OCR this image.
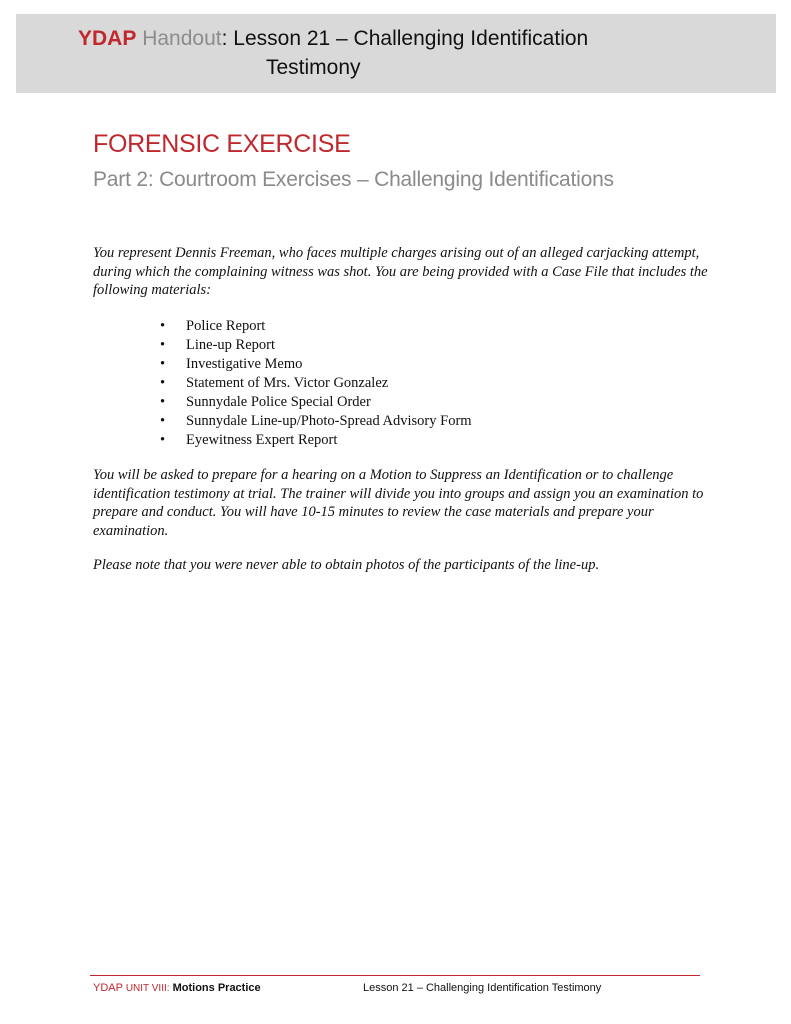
YDAP Handout: Lesson 21 – Challenging Identification
Testimony
FORENSIC EXERCISE
Part 2: Courtroom Exercises – Challenging Identifications

You represent Dennis Freeman, who faces multiple charges arising out of an alleged carjacking attempt, during which the complaining witness was shot. You are being provided with a Case File that includes the following materials:

• Police Report
• Line-up Report
• Investigative Memo
• Statement of Mrs. Victor Gonzalez
• Sunnydale Police Special Order
• Sunnydale Line-up/Photo-Spread Advisory Form
• Eyewitness Expert Report

You will be asked to prepare for a hearing on a Motion to Suppress an Identification or to challenge identification testimony at trial. The trainer will divide you into groups and assign you an examination to prepare and conduct. You will have 10-15 minutes to review the case materials and prepare your examination.

Please note that you were never able to obtain photos of the participants of the line-up.

YDAP UNIT VIII: Motions Practice	Lesson 21 – Challenging Identification Testimony
